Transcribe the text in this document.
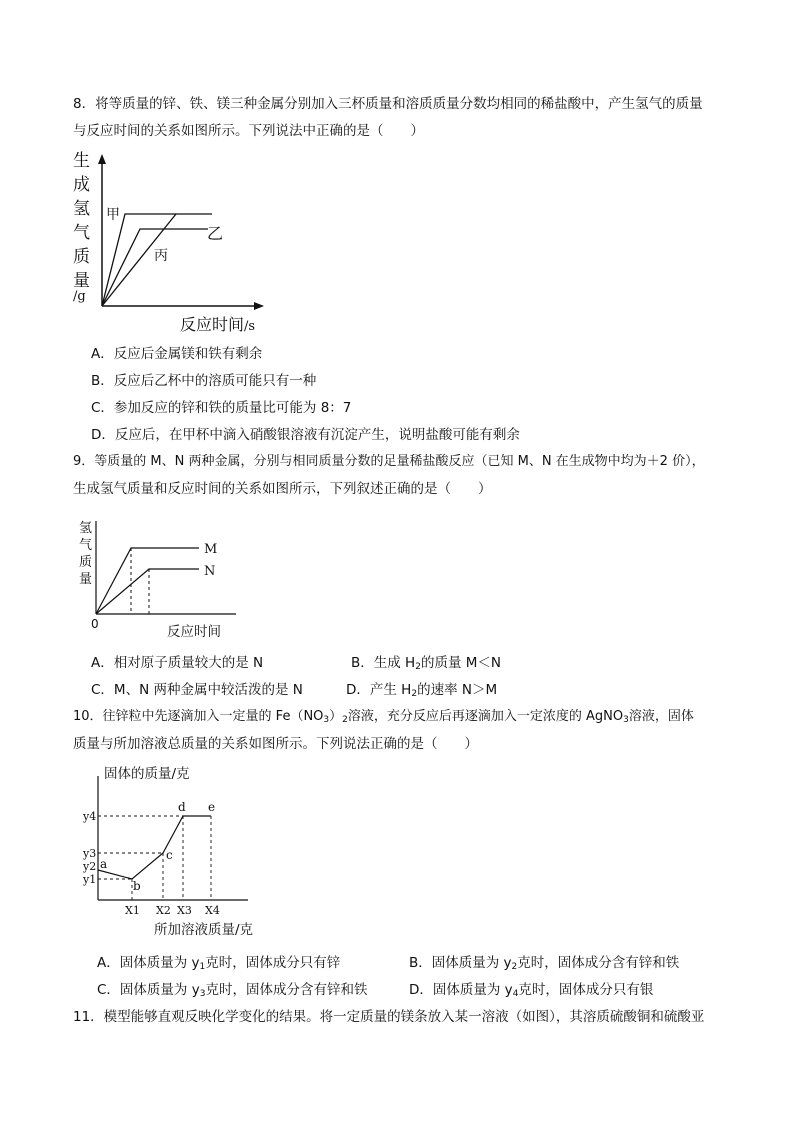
8．将等质量的锌、铁、镁三种金属分别加入三杯质量和溶质质量分数均相同的稀盐酸中，产生氢气的质量
与反应时间的关系如图所示。下列说法中正确的是（　　）
生
成
氢
气
质
量
/g
甲
乙
丙
反应时间 /s
A．反应后金属镁和铁有剩余
B．反应后乙杯中的溶质可能只有一种
C．参加反应的锌和铁的质量比可能为 8：7
D．反应后，在甲杯中滴入硝酸银溶液有沉淀产生，说明盐酸可能有剩余
9．等质量的 M、N 两种金属，分别与相同质量分数的足量稀盐酸反应（已知 M、N 在生成物中均为＋2 价），
生成氢气质量和反应时间的关系如图所示，下列叙述正确的是（　　）
氢
气
质
量
M
N
0	反应时间
A．相对原子质量较大的是 N	B．生成 $H_2$的质量 M＜N
C．M、N 两种金属中较活泼的是 N	D．产生 $H_2$的速率 N＞M
10．往锌粒中先逐滴加入一定量的 $Fe(NO_3)_2$溶液，充分反应后再逐滴加入一定浓度的 AgNO$_3$溶液，固体
质量与所加溶液总质量的关系如图所示。下列说法正确的是（　　）
固体的质量/克
d e
c
a
b
y4
y3
y2
y1
X1 X2 X3 X4
所加溶液质量/克
A．固体质量为 $y_1$克时，固体成分只有锌	B．固体质量为 $y_2$克时，固体成分含有锌和铁
C．固体质量为 $y_3$克时，固体成分含有锌和铁	D．固体质量为 $y_4$克时，固体成分只有银
11．模型能够直观反映化学变化的结果。将一定质量的镁条放入某一溶液（如图），其溶质硫酸铜和硫酸亚
